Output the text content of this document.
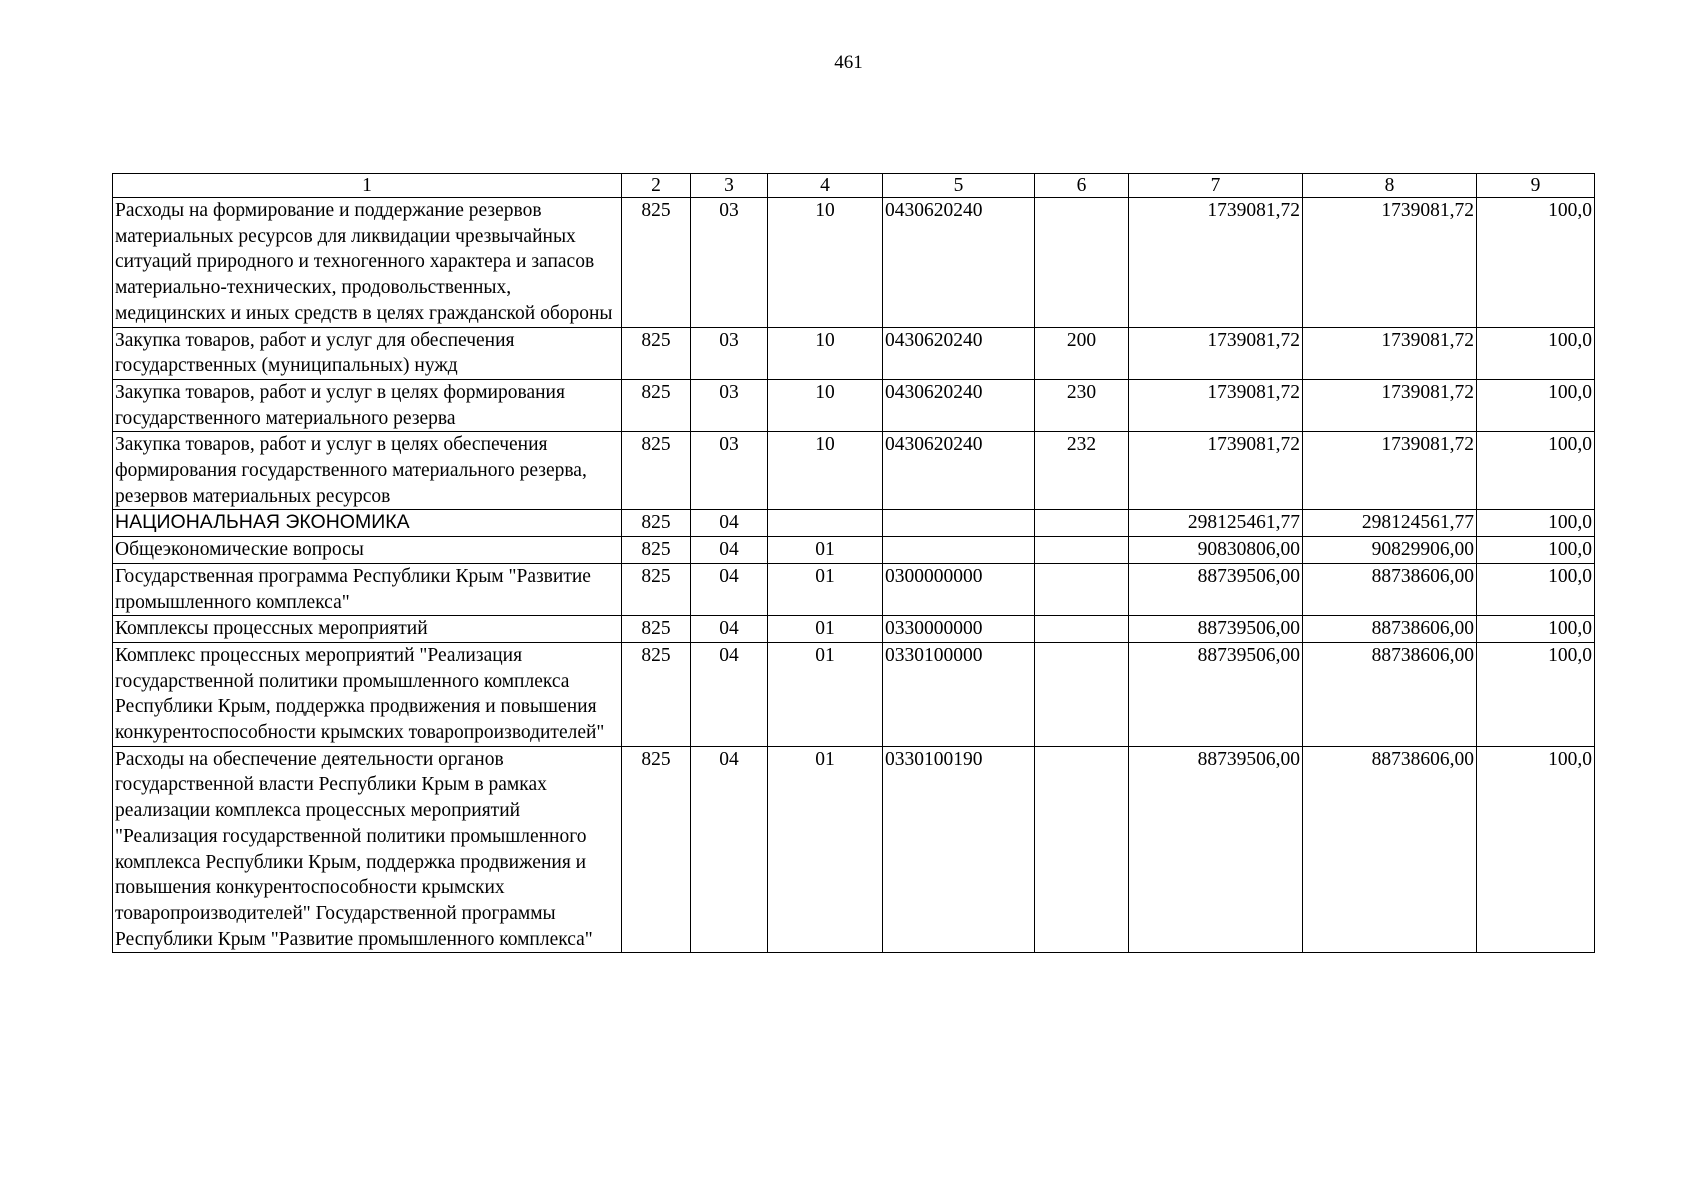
461
1	2	3	4	5	6	7	8	9
Расходы на формирование и поддержание резервов материальных ресурсов для ликвидации чрезвычайных ситуаций природного и техногенного характера и запасов материально-технических, продовольственных, медицинских и иных средств в целях гражданской обороны	825	03	10	0430620240		1739081,72	1739081,72	100,0
Закупка товаров, работ и услуг для обеспечения государственных (муниципальных) нужд	825	03	10	0430620240	200	1739081,72	1739081,72	100,0
Закупка товаров, работ и услуг в целях формирования государственного материального резерва	825	03	10	0430620240	230	1739081,72	1739081,72	100,0
Закупка товаров, работ и услуг в целях обеспечения формирования государственного материального резерва, резервов материальных ресурсов	825	03	10	0430620240	232	1739081,72	1739081,72	100,0
НАЦИОНАЛЬНАЯ ЭКОНОМИКА	825	04				298125461,77	298124561,77	100,0
Общеэкономические вопросы	825	04	01			90830806,00	90829906,00	100,0
Государственная программа Республики Крым "Развитие промышленного комплекса"	825	04	01	0300000000		88739506,00	88738606,00	100,0
Комплексы процессных мероприятий	825	04	01	0330000000		88739506,00	88738606,00	100,0
Комплекс процессных мероприятий "Реализация государственной политики промышленного комплекса Республики Крым, поддержка продвижения и повышения конкурентоспособности крымских товаропроизводителей"	825	04	01	0330100000		88739506,00	88738606,00	100,0
Расходы на обеспечение деятельности органов государственной власти Республики Крым в рамках реализации комплекса процессных мероприятий "Реализация государственной политики промышленного комплекса Республики Крым, поддержка продвижения и повышения конкурентоспособности крымских товаропроизводителей" Государственной программы Республики Крым "Развитие промышленного комплекса"	825	04	01	0330100190		88739506,00	88738606,00	100,0
